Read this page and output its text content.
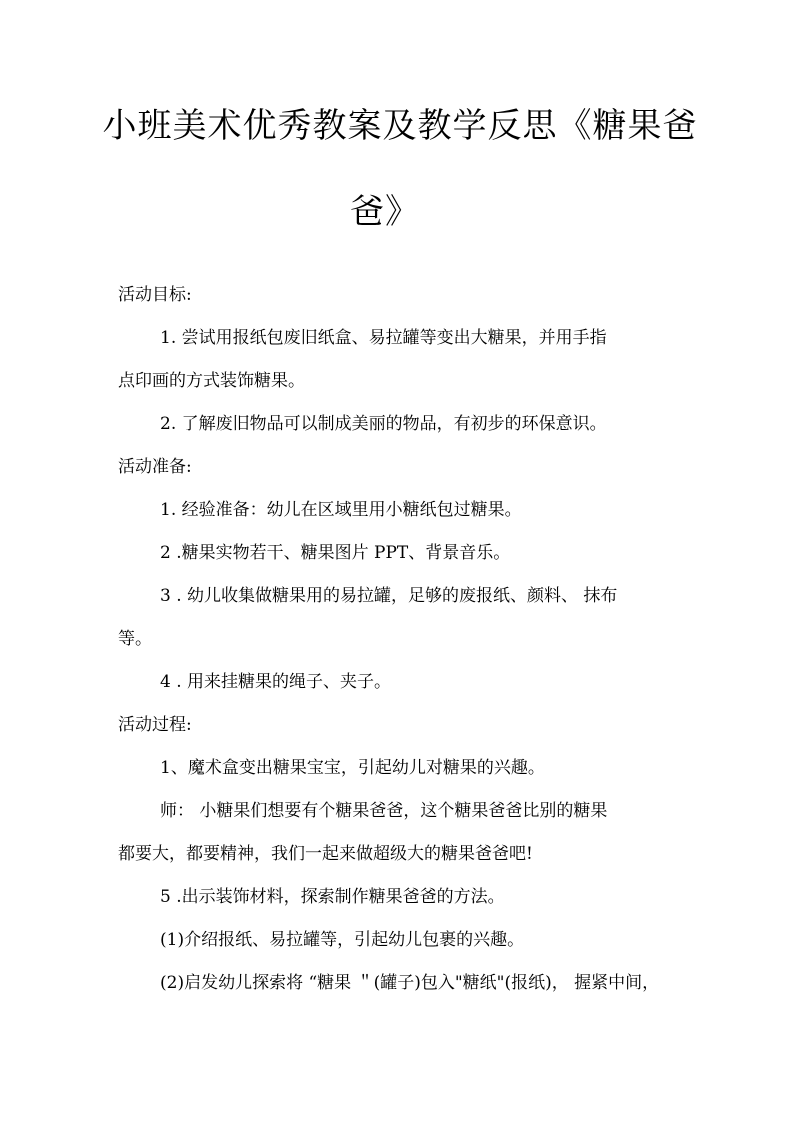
小班美术优秀教案及教学反思《糖果爸
爸》
活动目标:
1. 尝试用报纸包废旧纸盒、易拉罐等变出大糖果，并用手指
点印画的方式装饰糖果。
2. 了解废旧物品可以制成美丽的物品，有初步的环保意识。
活动准备:
1. 经验准备：幼儿在区域里用小糖纸包过糖果。
2 .糖果实物若干、糖果图片 PPT、背景音乐。
3 . 幼儿收集做糖果用的易拉罐，足够的废报纸、颜料、 抹布
等。
4 . 用来挂糖果的绳子、夹子。
活动过程:
1、魔术盒变出糖果宝宝，引起幼儿对糖果的兴趣。
师： 小糖果们想要有个糖果爸爸，这个糖果爸爸比别的糖果
都要大，都要精神，我们一起来做超级大的糖果爸爸吧!
5 .出示装饰材料，探索制作糖果爸爸的方法。
(1)介绍报纸、易拉罐等，引起幼儿包裹的兴趣。
(2)启发幼儿探索将 “糖果 ＂(罐子)包入"糖纸"(报纸)， 握紧中间，
